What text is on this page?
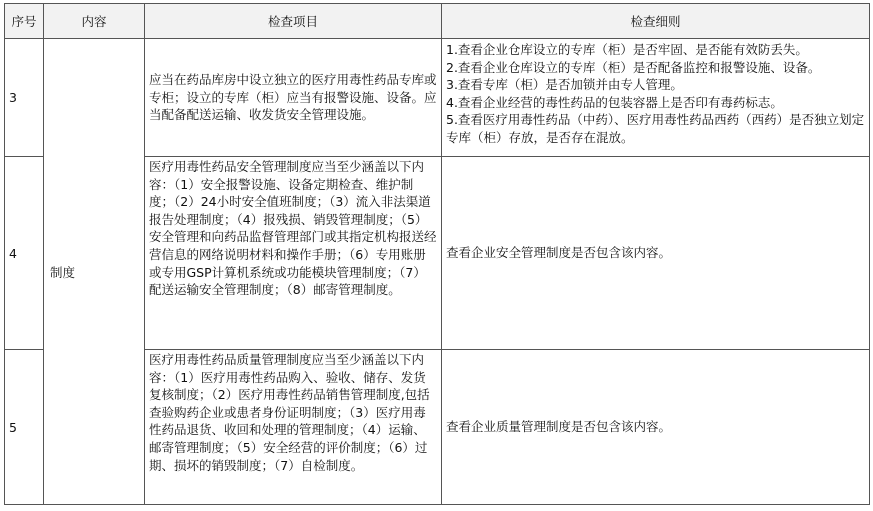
序号	内容	检查项目	检查细则
3	制度	应当在药品库房中设立独立的医疗用毒性药品专库或专柜；设立的专库（柜）应当有报警设施、设备。应当配备配送运输、收发货安全管理设施。	1.查看企业仓库设立的专库（柜）是否牢固、是否能有效防丢失。
2.查看企业仓库设立的专库（柜）是否配备监控和报警设施、设备。
3.查看专库（柜）是否加锁并由专人管理。
4.查看企业经营的毒性药品的包装容器上是否印有毒药标志。
5.查看医疗用毒性药品（中药）、医疗用毒性药品西药（西药）是否独立划定专库（柜）存放，是否存在混放。

4		医疗用毒性药品安全管理制度应当至少涵盖以下内容：（1）安全报警设施、设备定期检查、维护制度；（2）24小时安全值班制度；（3）流入非法渠道报告处理制度；（4）报残损、销毁管理制度；（5）安全管理和向药品监督管理部门或其指定机构报送经营信息的网络说明材料和操作手册；（6）专用账册或专用GSP计算机系统或功能模块管理制度；（7）配送运输安全管理制度；（8）邮寄管理制度。	查看企业安全管理制度是否包含该内容。
5		医疗用毒性药品质量管理制度应当至少涵盖以下内容：（1）医疗用毒性药品购入、验收、储存、发货复核制度；（2）医疗用毒性药品销售管理制度,包括查验购药企业或患者身份证明制度；（3）医疗用毒性药品退货、收回和处理的管理制度；（4）运输、邮寄管理制度；（5）安全经营的评价制度；（6）过期、损坏的销毁制度；（7）自检制度。	查看企业质量管理制度是否包含该内容。
